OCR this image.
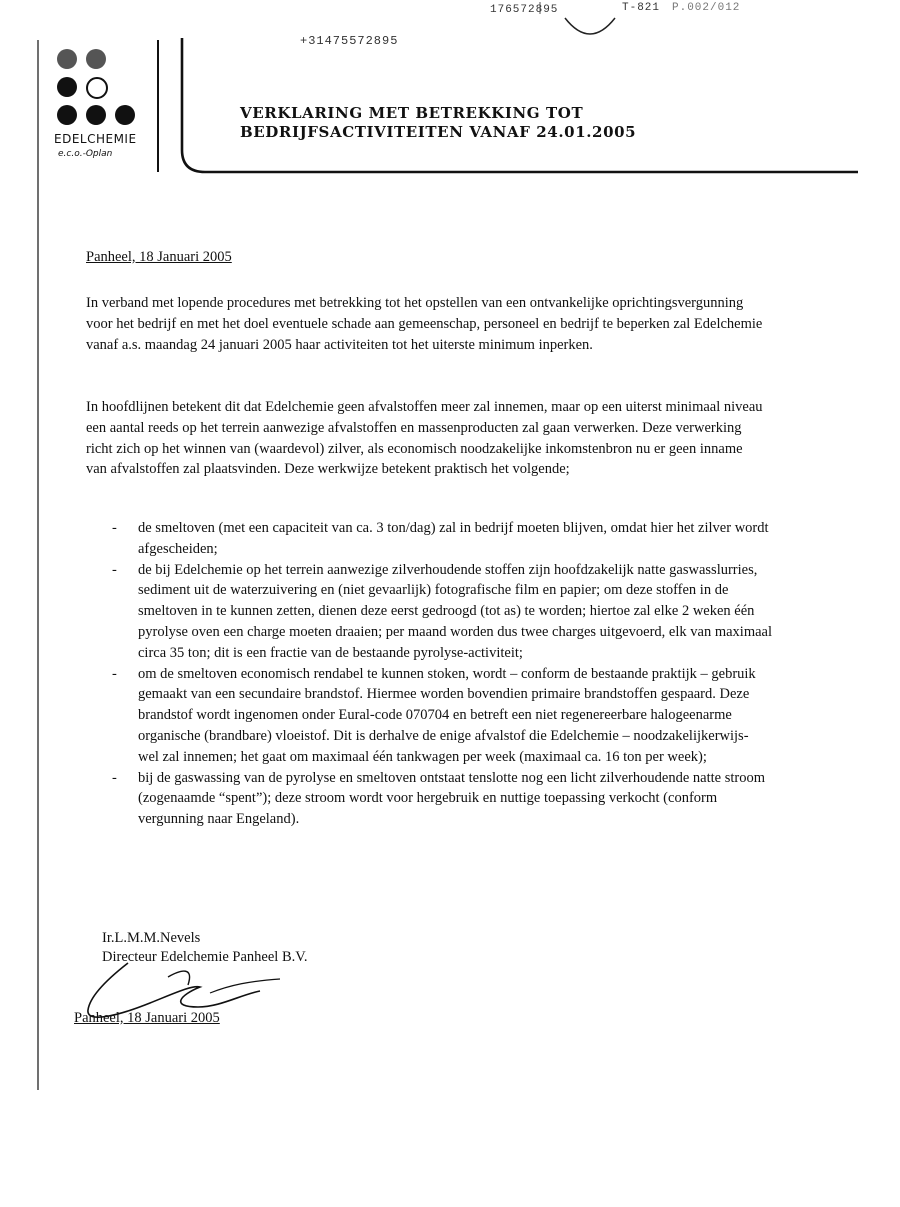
176572895	T-821 P.002/012
+31475572895
EDELCHEMIE
e.c.o.-Oplan
VERKLARING MET BETREKKING TOT
BEDRIJFSACTIVITEITEN VANAF 24.01.2005
Panheel, 18 Januari 2005
In verband met lopende procedures met betrekking tot het opstellen van een ontvankelijke oprichtingsvergunning voor het bedrijf en met het doel eventuele schade aan gemeenschap, personeel en bedrijf te beperken zal Edelchemie vanaf a.s. maandag 24 januari 2005 haar activiteiten tot het uiterste minimum inperken.
In hoofdlijnen betekent dit dat Edelchemie geen afvalstoffen meer zal innemen, maar op een uiterst minimaal niveau een aantal reeds op het terrein aanwezige afvalstoffen en massenproducten zal gaan verwerken. Deze verwerking richt zich op het winnen van (waardevol) zilver, als economisch noodzakelijke inkomstenbron nu er geen inname van afvalstoffen zal plaatsvinden. Deze werkwijze betekent praktisch het volgende;
- de smeltoven (met een capaciteit van ca. 3 ton/dag) zal in bedrijf moeten blijven, omdat hier het zilver wordt afgescheiden;
- de bij Edelchemie op het terrein aanwezige zilverhoudende stoffen zijn hoofdzakelijk natte gaswasslurries, sediment uit de waterzuivering en (niet gevaarlijk) fotografische film en papier; om deze stoffen in de smeltoven in te kunnen zetten, dienen deze eerst gedroogd (tot as) te worden; hiertoe zal elke 2 weken één pyrolyse oven een charge moeten draaien; per maand worden dus twee charges uitgevoerd, elk van maximaal circa 35 ton; dit is een fractie van de bestaande pyrolyse-activiteit;
- om de smeltoven economisch rendabel te kunnen stoken, wordt – conform de bestaande praktijk – gebruik gemaakt van een secundaire brandstof. Hiermee worden bovendien primaire brandstoffen gespaard. Deze brandstof wordt ingenomen onder Eural-code 070704 en betreft een niet regenereerbare halogeenarme organische (brandbare) vloeistof. Dit is derhalve de enige afvalstof die Edelchemie – noodzakelijkerwijs- wel zal innemen; het gaat om maximaal één tankwagen per week (maximaal ca. 16 ton per week);
- bij de gaswassing van de pyrolyse en smeltoven ontstaat tenslotte nog een licht zilverhoudende natte stroom (zogenaamde “spent”); deze stroom wordt voor hergebruik en nuttige toepassing verkocht (conform vergunning naar Engeland).
Ir.L.M.M.Nevels
Directeur Edelchemie Panheel B.V.
Panheel, 18 Januari 2005
